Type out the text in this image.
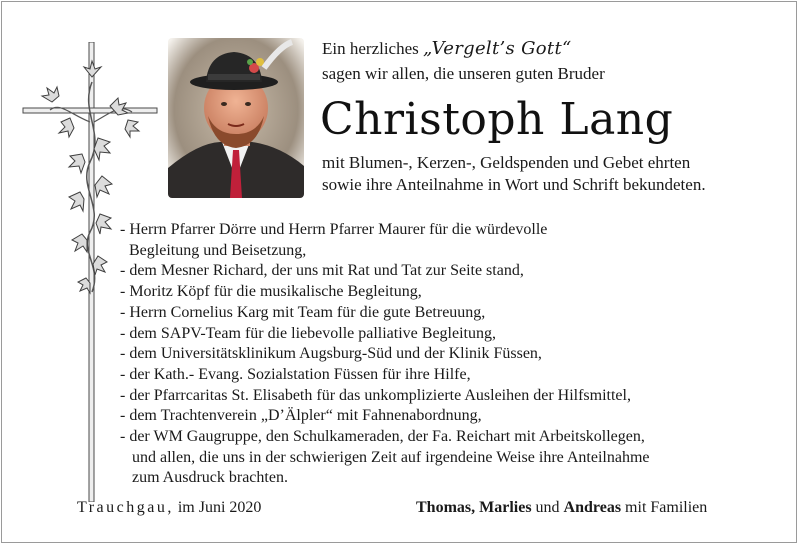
Ein herzliches „Vergelt’s Gott“
sagen wir allen, die unseren guten Bruder
Christoph Lang
mit Blumen-, Kerzen-, Geldspenden und Gebet ehrten
sowie ihre Anteilnahme in Wort und Schrift bekundeten.
- Herrn Pfarrer Dörre und Herrn Pfarrer Maurer für die würdevolle
Begleitung und Beisetzung,
- dem Mesner Richard, der uns mit Rat und Tat zur Seite stand,
- Moritz Köpf für die musikalische Begleitung,
- Herrn Cornelius Karg mit Team für die gute Betreuung,
- dem SAPV-Team für die liebevolle palliative Begleitung,
- dem Universitätsklinikum Augsburg-Süd und der Klinik Füssen,
- der Kath.- Evang. Sozialstation Füssen für ihre Hilfe,
- der Pfarrcaritas St. Elisabeth für das unkomplizierte Ausleihen der Hilfsmittel,
- dem Trachtenverein „D’Älpler“ mit Fahnenabordnung,
- der WM Gaugruppe, den Schulkameraden, der Fa. Reichart mit Arbeitskollegen,
und allen, die uns in der schwierigen Zeit auf irgendeine Weise ihre Anteilnahme
zum Ausdruck brachten.
Trauchgau, im Juni 2020	Thomas, Marlies und Andreas mit Familien
